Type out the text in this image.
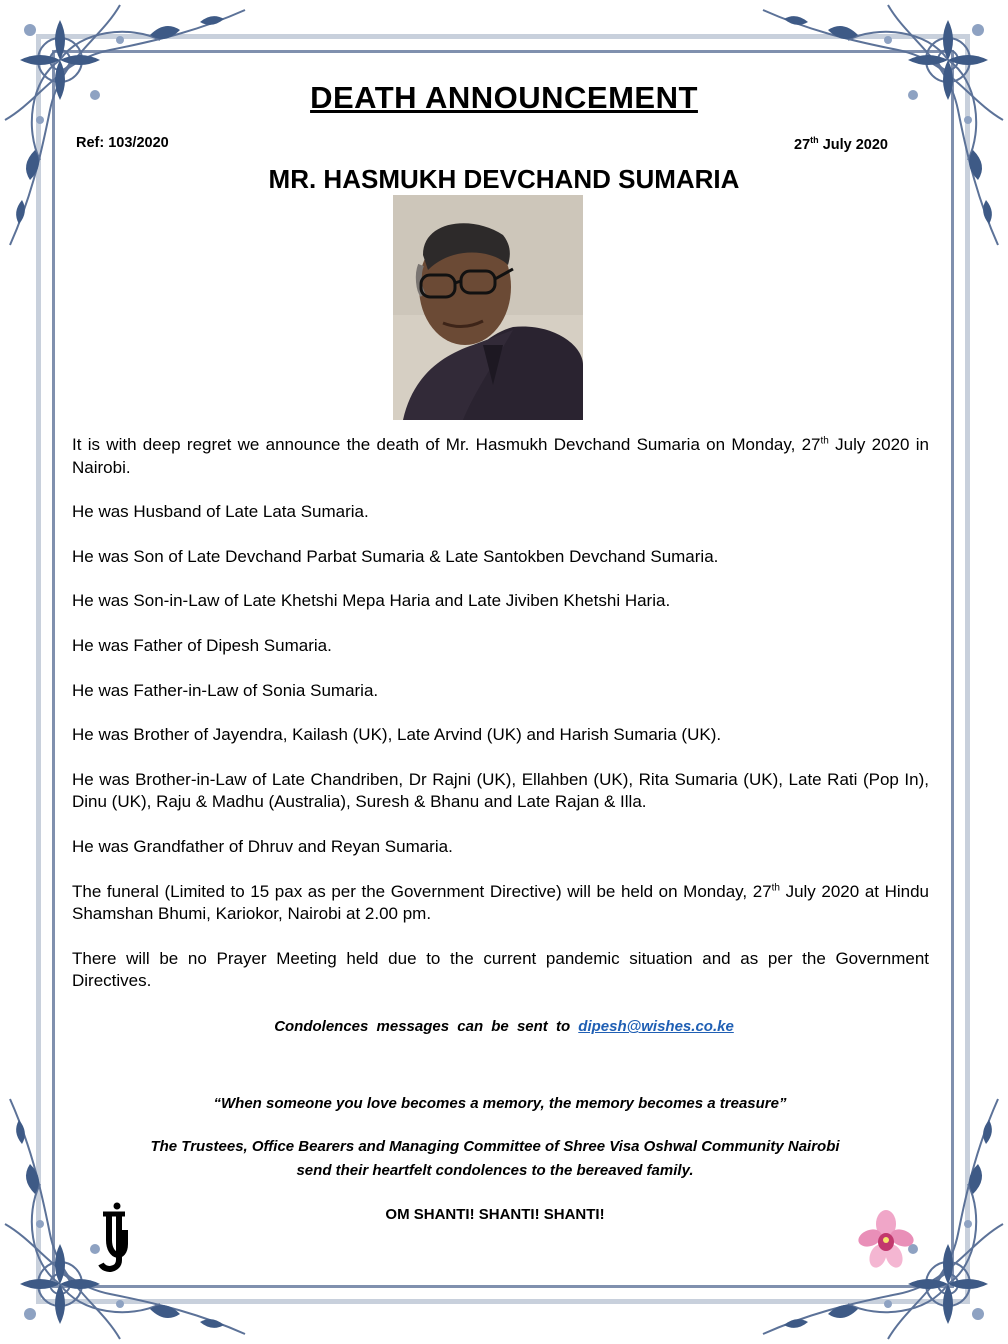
DEATH ANNOUNCEMENT
Ref: 103/2020	27th July 2020
MR. HASMUKH DEVCHAND SUMARIA

It is with deep regret we announce the death of Mr. Hasmukh Devchand Sumaria on Monday, 27th July 2020 in Nairobi.

He was Husband of Late Lata Sumaria.

He was Son of Late Devchand Parbat Sumaria & Late Santokben Devchand Sumaria.

He was Son-in-Law of Late Khetshi Mepa Haria and Late Jiviben Khetshi Haria.

He was Father of Dipesh Sumaria.

He was Father-in-Law of Sonia Sumaria.

He was Brother of Jayendra, Kailash (UK), Late Arvind (UK) and Harish Sumaria (UK).

He was Brother-in-Law of Late Chandriben, Dr Rajni (UK), Ellahben (UK), Rita Sumaria (UK), Late Rati (Pop In), Dinu (UK), Raju & Madhu (Australia), Suresh & Bhanu and Late Rajan & Illa.

He was Grandfather of Dhruv and Reyan Sumaria.

The funeral (Limited to 15 pax as per the Government Directive) will be held on Monday, 27th July 2020 at Hindu Shamshan Bhumi, Kariokor, Nairobi at 2.00 pm.

There will be no Prayer Meeting held due to the current pandemic situation and as per the Government Directives.

Condolences messages can be sent to dipesh@wishes.co.ke
“When someone you love becomes a memory, the memory becomes a treasure”
The Trustees, Office Bearers and Managing Committee of Shree Visa Oshwal Community Nairobi
send their heartfelt condolences to the bereaved family.
OM SHANTI! SHANTI! SHANTI!
